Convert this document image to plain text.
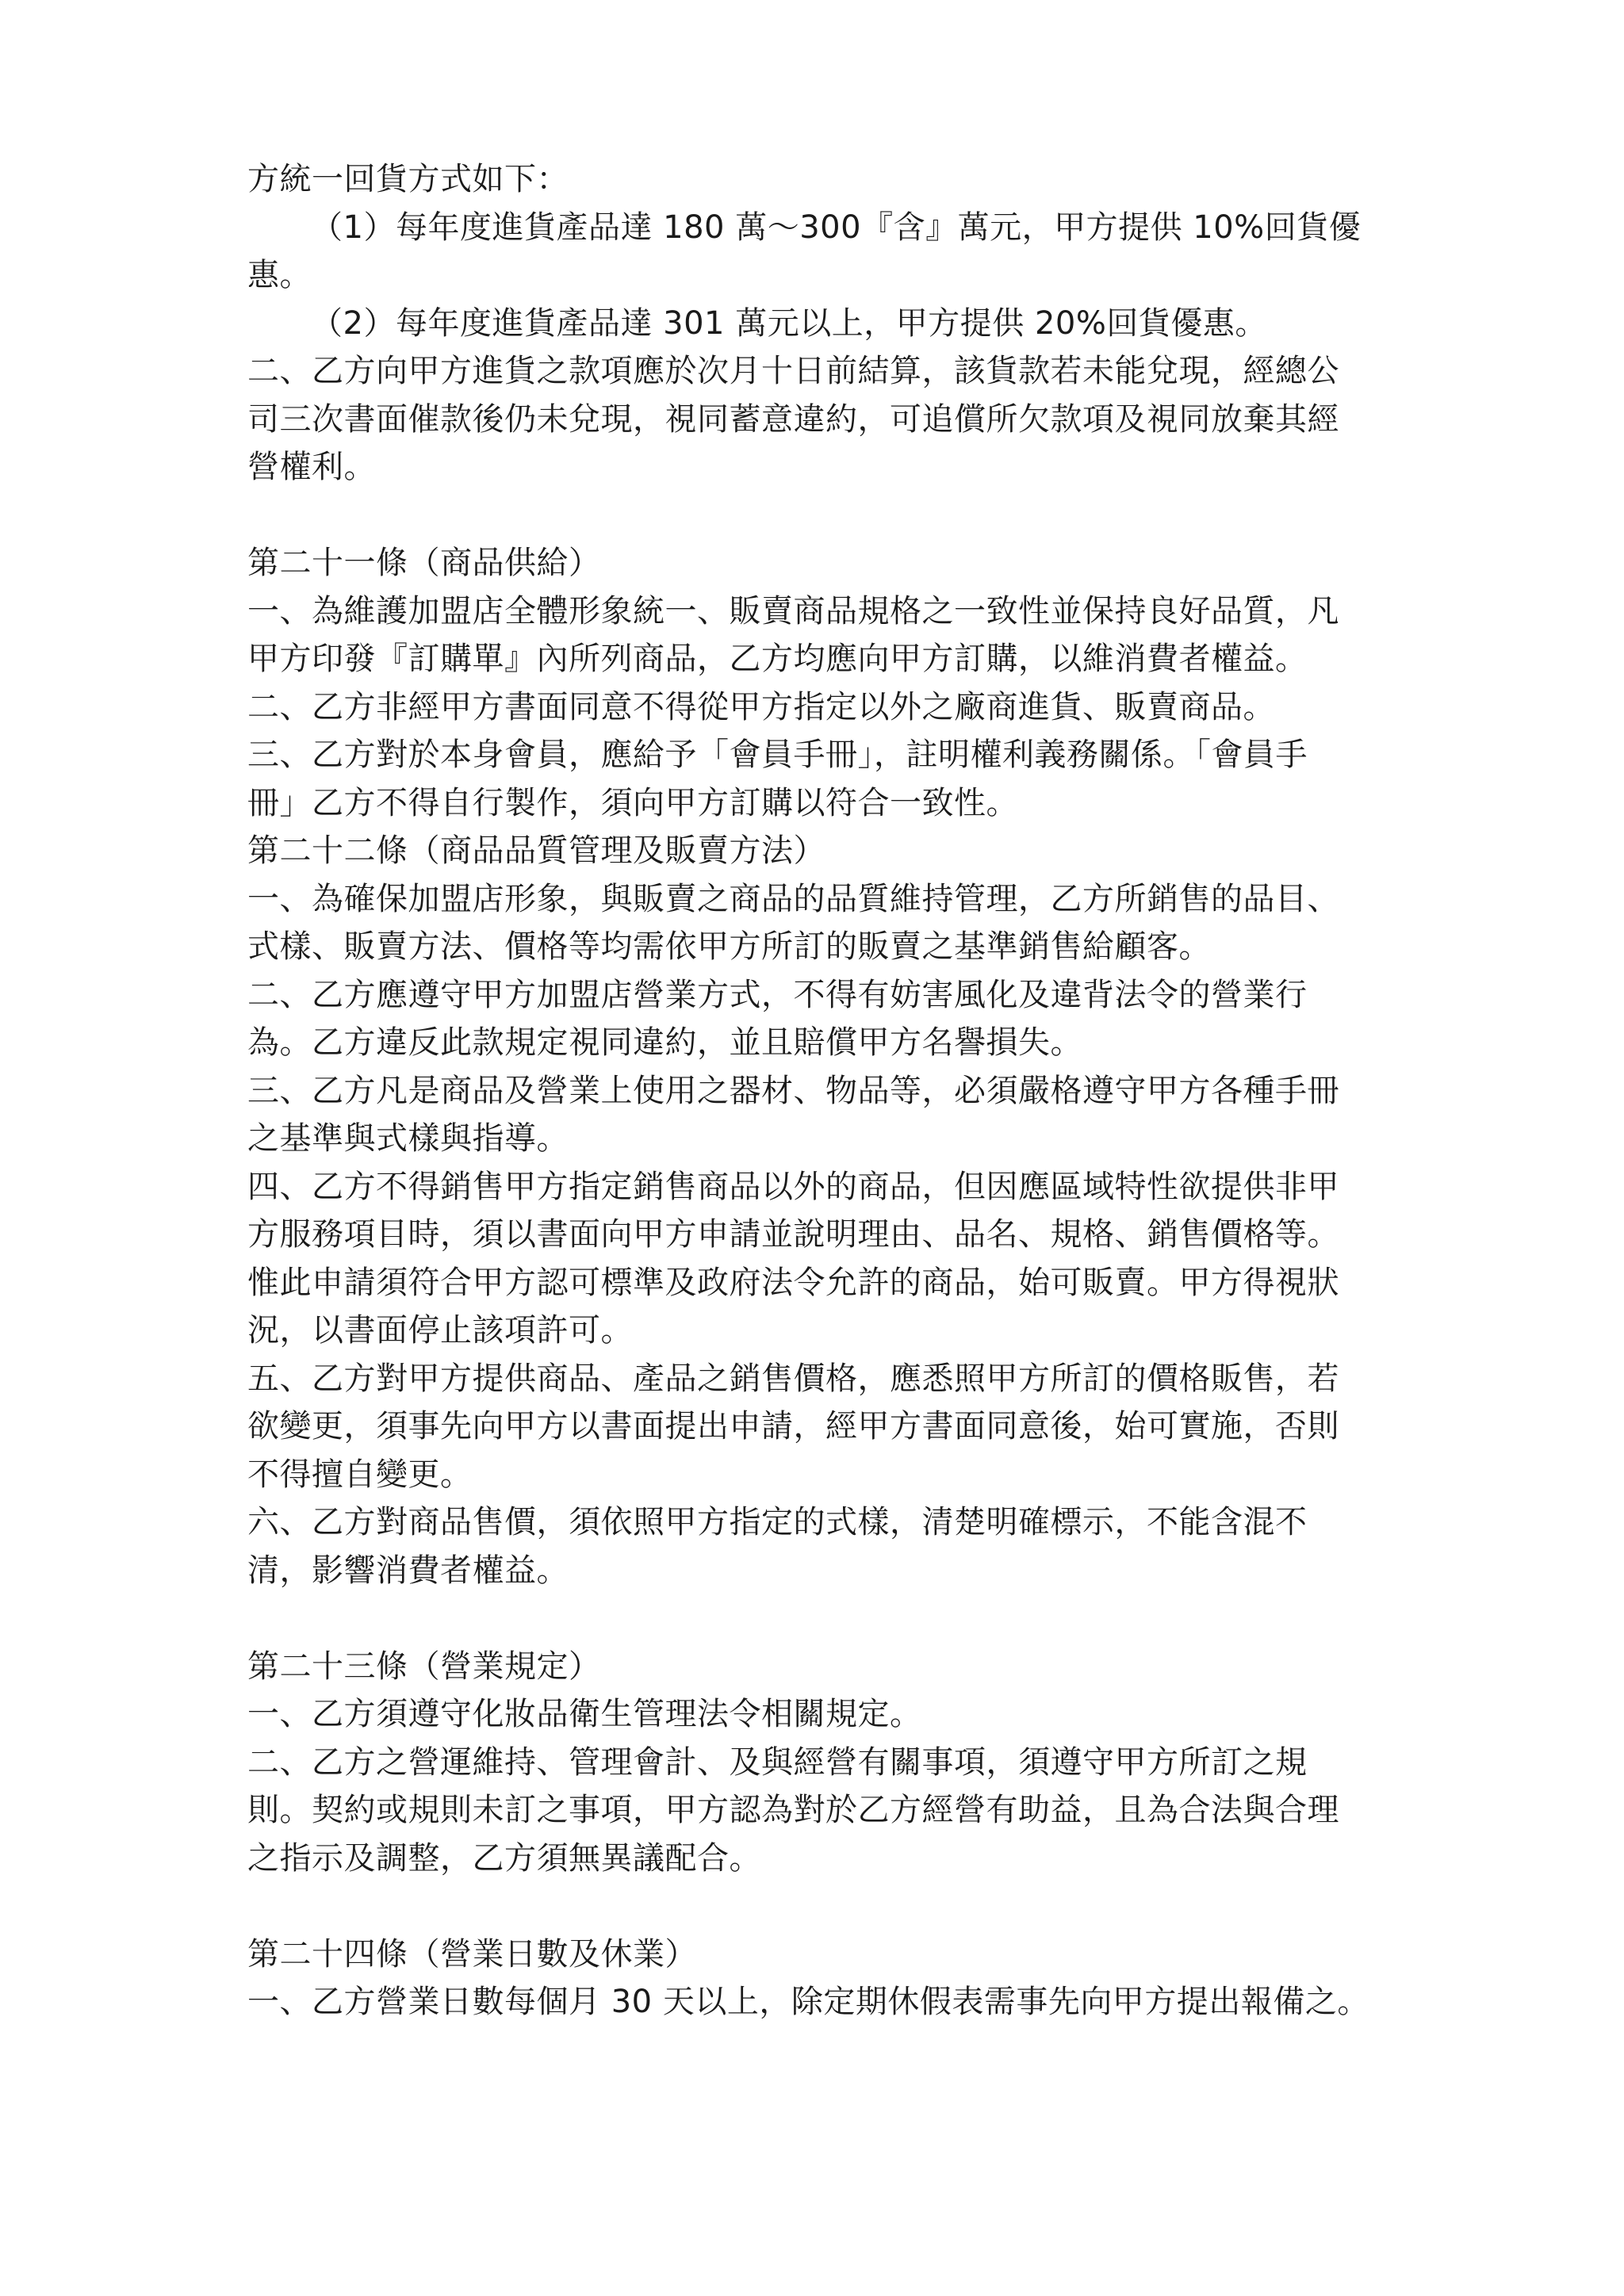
方統一回貨方式如下：
（1）每年度進貨產品達 180 萬～300『含』萬元，甲方提供 10%回貨優
惠。
（2）每年度進貨產品達 301 萬元以上，甲方提供 20%回貨優惠。
二、乙方向甲方進貨之款項應於次月十日前結算，該貨款若未能兌現，經總公
司三次書面催款後仍未兌現，視同蓄意違約，可追償所欠款項及視同放棄其經
營權利。
第二十一條（商品供給）
一、為維護加盟店全體形象統一、販賣商品規格之一致性並保持良好品質，凡
甲方印發『訂購單』內所列商品，乙方均應向甲方訂購，以維消費者權益。
二、乙方非經甲方書面同意不得從甲方指定以外之廠商進貨、販賣商品。
三、乙方對於本身會員，應給予「會員手冊」，註明權利義務關係。「會員手
冊」乙方不得自行製作，須向甲方訂購以符合一致性。
第二十二條（商品品質管理及販賣方法）
一、為確保加盟店形象，與販賣之商品的品質維持管理，乙方所銷售的品目、
式樣、販賣方法、價格等均需依甲方所訂的販賣之基準銷售給顧客。
二、乙方應遵守甲方加盟店營業方式，不得有妨害風化及違背法令的營業行
為。乙方違反此款規定視同違約，並且賠償甲方名譽損失。
三、乙方凡是商品及營業上使用之器材、物品等，必須嚴格遵守甲方各種手冊
之基準與式樣與指導。
四、乙方不得銷售甲方指定銷售商品以外的商品，但因應區域特性欲提供非甲
方服務項目時，須以書面向甲方申請並說明理由、品名、規格、銷售價格等。
惟此申請須符合甲方認可標準及政府法令允許的商品，始可販賣。甲方得視狀
況，以書面停止該項許可。
五、乙方對甲方提供商品、產品之銷售價格，應悉照甲方所訂的價格販售，若
欲變更，須事先向甲方以書面提出申請，經甲方書面同意後，始可實施，否則
不得擅自變更。
六、乙方對商品售價，須依照甲方指定的式樣，清楚明確標示，不能含混不
清，影響消費者權益。
第二十三條（營業規定）
一、乙方須遵守化妝品衛生管理法令相關規定。
二、乙方之營運維持、管理會計、及與經營有關事項，須遵守甲方所訂之規
則。契約或規則未訂之事項，甲方認為對於乙方經營有助益，且為合法與合理
之指示及調整，乙方須無異議配合。
第二十四條（營業日數及休業）
一、乙方營業日數每個月 30 天以上，除定期休假表需事先向甲方提出報備之。
